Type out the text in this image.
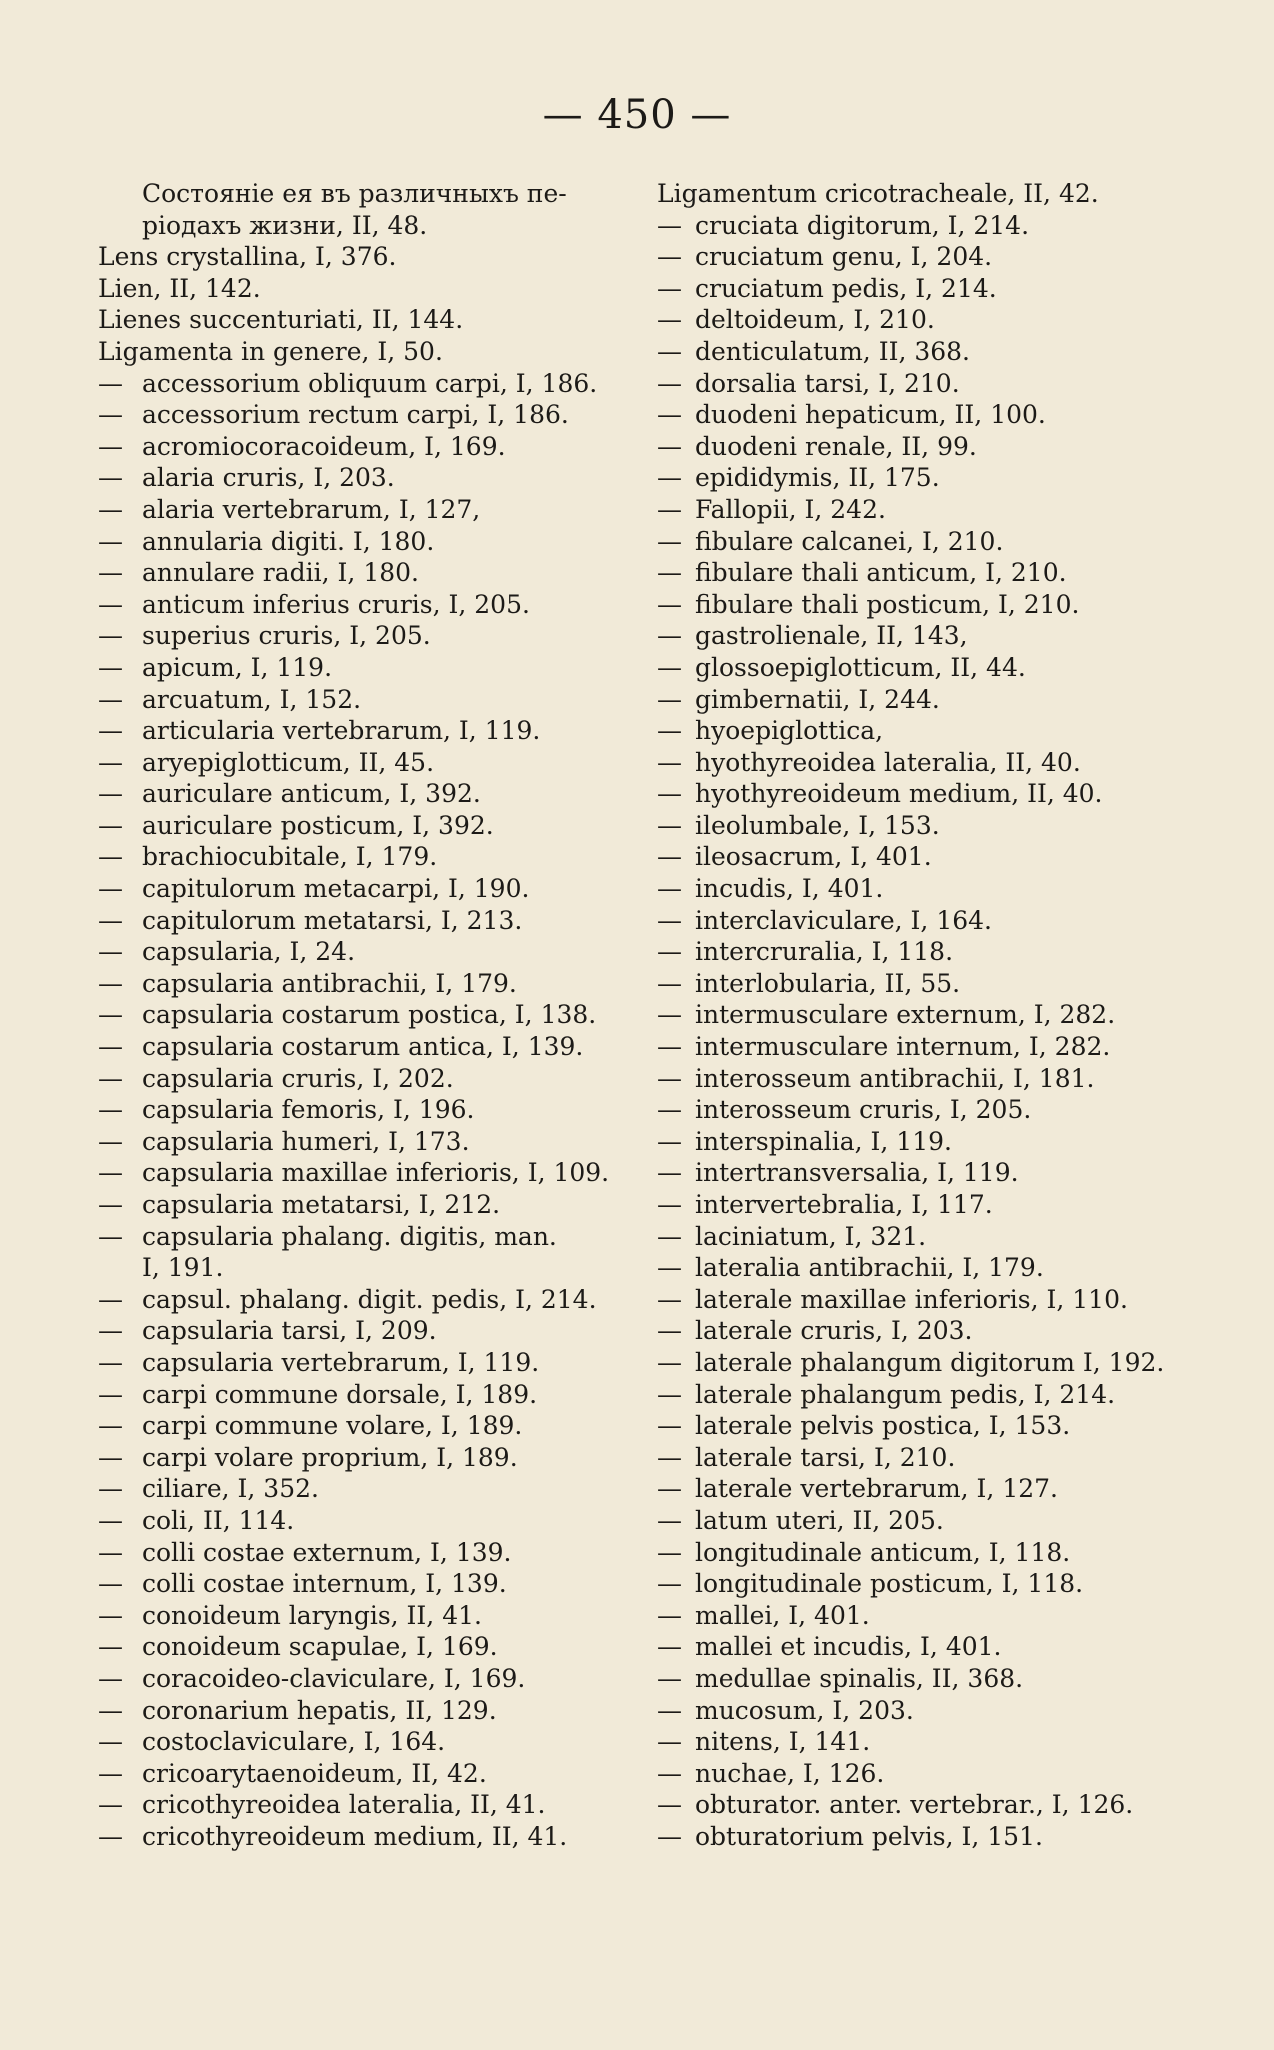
— 450 —
Состоянiе ея въ различныхъ пе-
рiодахъ жизни, II, 48.
Lens crystallina, I, 376.
Lien, II, 142.
Lienes succenturiati, II, 144.
Ligamenta in genere, I, 50.
— accessorium obliquum carpi, I, 186.
— accessorium rectum carpi, I, 186.
— acromiocoracoideum, I, 169.
— alaria cruris, I, 203.
— alaria vertebrarum, I, 127,
— annularia digiti. I, 180.
— annulare radii, I, 180.
— anticum inferius cruris, I, 205.
— superius cruris, I, 205.
— apicum, I, 119.
— arcuatum, I, 152.
— articularia vertebrarum, I, 119.
— aryepiglotticum, II, 45.
— auriculare anticum, I, 392.
— auriculare posticum, I, 392.
— brachiocubitale, I, 179.
— capitulorum metacarpi, I, 190.
— capitulorum metatarsi, I, 213.
— capsularia, I, 24.
— capsularia antibrachii, I, 179.
— capsularia costarum postica, I, 138.
— capsularia costarum antica, I, 139.
— capsularia cruris, I, 202.
— capsularia femoris, I, 196.
— capsularia humeri, I, 173.
— capsularia maxillae inferioris, I, 109.
— capsularia metatarsi, I, 212.
— capsularia phalang. digitis, man.
I, 191.
— capsul. phalang. digit. pedis, I, 214.
— capsularia tarsi, I, 209.
— capsularia vertebrarum, I, 119.
— carpi commune dorsale, I, 189.
— carpi commune volare, I, 189.
— carpi volare proprium, I, 189.
— ciliare, I, 352.
— coli, II, 114.
— colli costae externum, I, 139.
— colli costae internum, I, 139.
— conoideum laryngis, II, 41.
— conoideum scapulae, I, 169.
— coracoideo-claviculare, I, 169.
— coronarium hepatis, II, 129.
— costoclaviculare, I, 164.
— cricoarytaenoideum, II, 42.
— cricothyreoidea lateralia, II, 41.
— cricothyreoideum medium, II, 41.
Ligamentum cricotracheale, II, 42.
— cruciata digitorum, I, 214.
— cruciatum genu, I, 204.
— cruciatum pedis, I, 214.
— deltoideum, I, 210.
— denticulatum, II, 368.
— dorsalia tarsi, I, 210.
— duodeni hepaticum, II, 100.
— duodeni renale, II, 99.
— epididymis, II, 175.
— Fallopii, I, 242.
— fibulare calcanei, I, 210.
— fibulare thali anticum, I, 210.
— fibulare thali posticum, I, 210.
— gastrolienale, II, 143,
— glossoepiglotticum, II, 44.
— gimbernatii, I, 244.
— hyoepiglottica,
— hyothyreoidea lateralia, II, 40.
— hyothyreoideum medium, II, 40.
— ileolumbale, I, 153.
— ileosacrum, I, 401.
— incudis, I, 401.
— interclaviculare, I, 164.
— intercruralia, I, 118.
— interlobularia, II, 55.
— intermusculare externum, I, 282.
— intermusculare internum, I, 282.
— interosseum antibrachii, I, 181.
— interosseum cruris, I, 205.
— interspinalia, I, 119.
— intertransversalia, I, 119.
— intervertebralia, I, 117.
— laciniatum, I, 321.
— lateralia antibrachii, I, 179.
— laterale maxillae inferioris, I, 110.
— laterale cruris, I, 203.
— laterale phalangum digitorum I, 192.
— laterale phalangum pedis, I, 214.
— laterale pelvis postica, I, 153.
— laterale tarsi, I, 210.
— laterale vertebrarum, I, 127.
— latum uteri, II, 205.
— longitudinale anticum, I, 118.
— longitudinale posticum, I, 118.
— mallei, I, 401.
— mallei et incudis, I, 401.
— medullae spinalis, II, 368.
— mucosum, I, 203.
— nitens, I, 141.
— nuchae, I, 126.
— obturator. anter. vertebrar., I, 126.
— obturatorium pelvis, I, 151.
